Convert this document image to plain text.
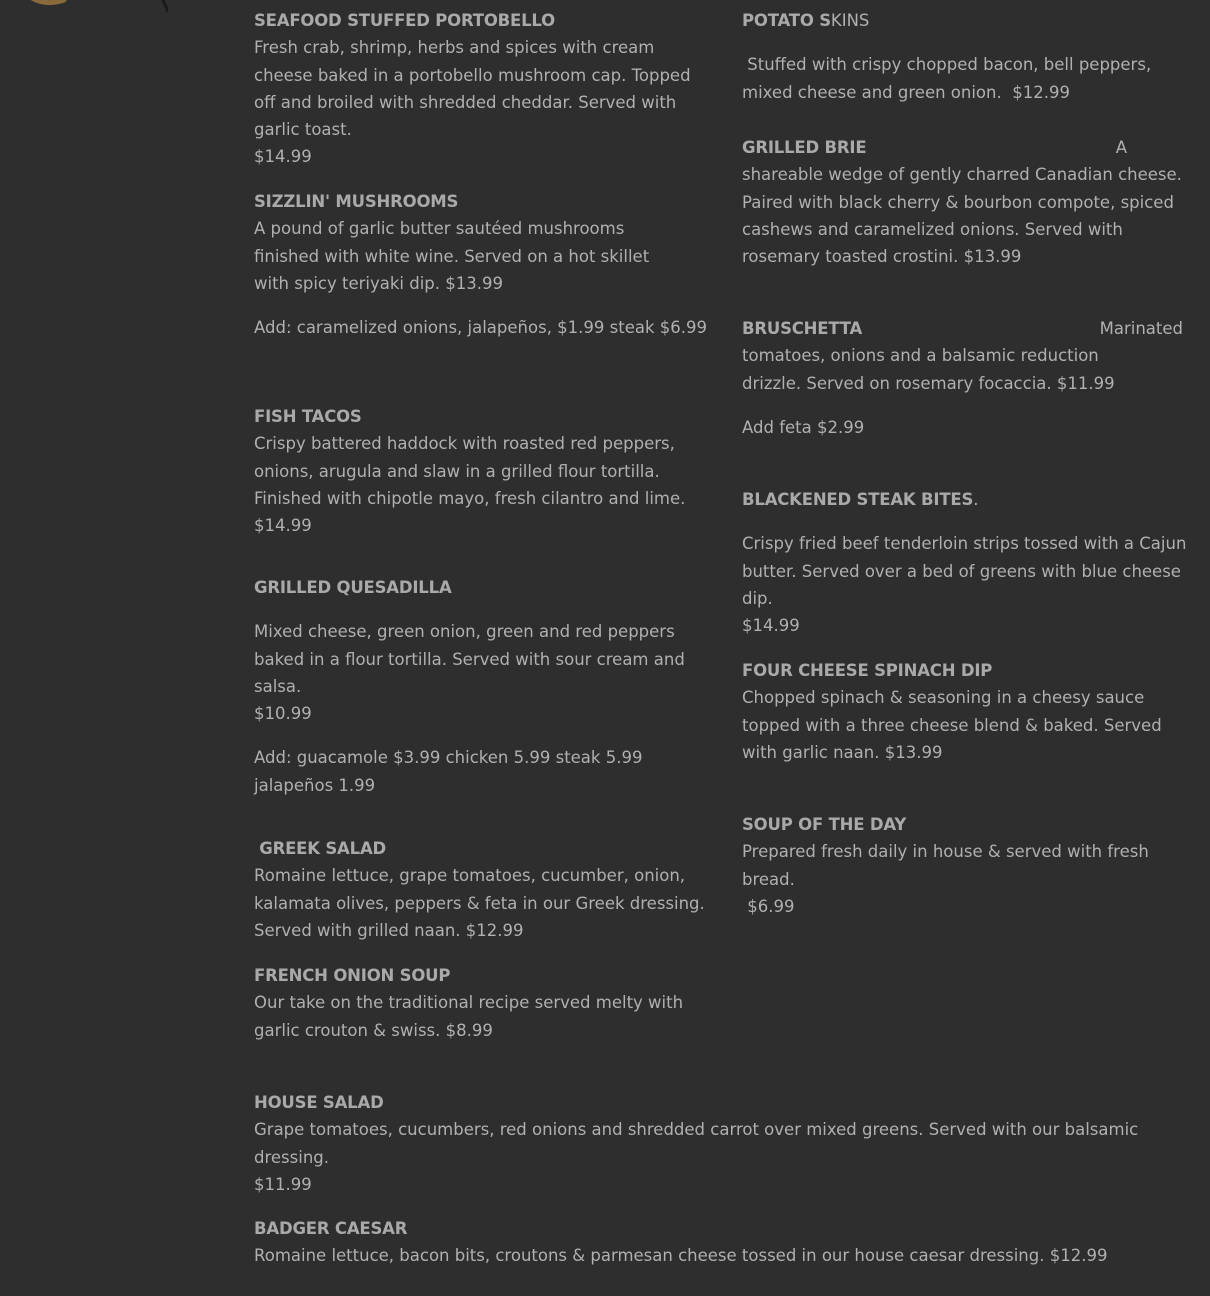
SEAFOOD STUFFED PORTOBELLO

Fresh crab, shrimp, herbs and spices with cream cheese baked in a portobello mushroom cap. Topped off and broiled with shredded cheddar. Served with garlic toast.

$14.99

SIZZLIN' MUSHROOMS

A pound of garlic butter sautéed mushrooms finished with white wine. Served on a hot skillet with spicy teriyaki dip. $13.99

Add: caramelized onions, jalapeños, $1.99 steak $6.99

FISH TACOS

Crispy battered haddock with roasted red peppers, onions, arugula and slaw in a grilled flour tortilla. Finished with chipotle mayo, fresh cilantro and lime. $14.99

GRILLED QUESADILLA

Mixed cheese, green onion, green and red peppers baked in a flour tortilla. Served with sour cream and salsa.

$10.99

Add: guacamole $3.99 chicken 5.99 steak 5.99 jalapeños 1.99

GREEK SALAD

Romaine lettuce, grape tomatoes, cucumber, onion, kalamata olives, peppers & feta in our Greek dressing. Served with grilled naan. $12.99

FRENCH ONION SOUP

Our take on the traditional recipe served melty with garlic crouton & swiss. $8.99

POTATO SKINS

Stuffed with crispy chopped bacon, bell peppers, mixed cheese and green onion.  $12.99

GRILLED BRIE	A

shareable wedge of gently charred Canadian cheese. Paired with black cherry & bourbon compote, spiced cashews and caramelized onions. Served with rosemary toasted crostini. $13.99

BRUSCHETTA	Marinated

tomatoes, onions and a balsamic reduction drizzle. Served on rosemary focaccia. $11.99

Add feta $2.99

BLACKENED STEAK BITES.

Crispy fried beef tenderloin strips tossed with a Cajun butter. Served over a bed of greens with blue cheese dip.

$14.99

FOUR CHEESE SPINACH DIP

Chopped spinach & seasoning in a cheesy sauce topped with a three cheese blend & baked. Served with garlic naan. $13.99

SOUP OF THE DAY

Prepared fresh daily in house & served with fresh bread.

$6.99

HOUSE SALAD

Grape tomatoes, cucumbers, red onions and shredded carrot over mixed greens. Served with our balsamic dressing.

$11.99

BADGER CAESAR

Romaine lettuce, bacon bits, croutons & parmesan cheese tossed in our house caesar dressing. $12.99
